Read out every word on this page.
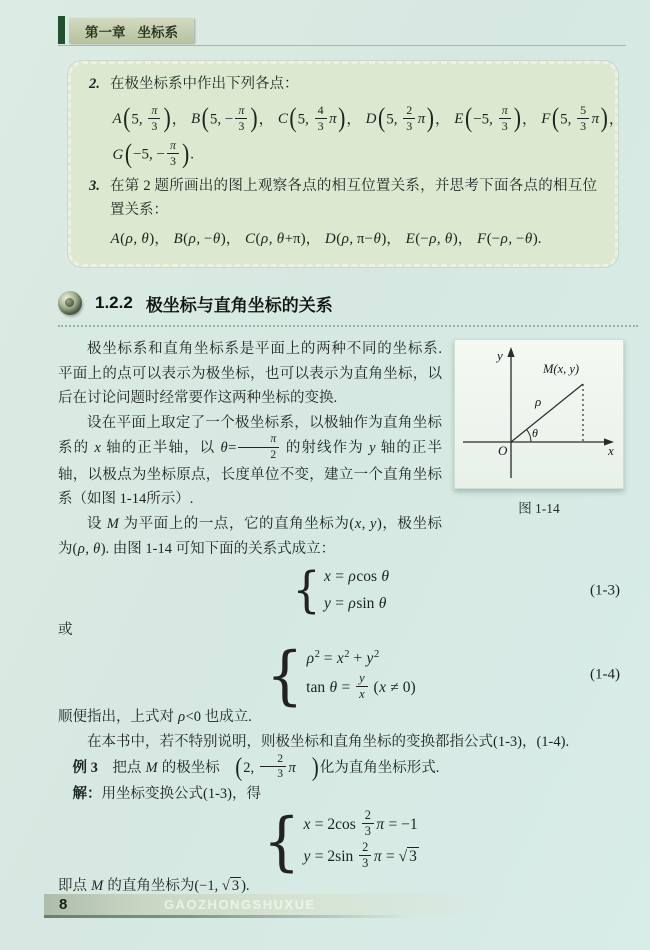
第一章 坐标系
2. 在极坐标系中作出下列各点：
A(5, $\frac{\pi}{3}$ )， B(5, − $\frac{\pi}{3}$ )， C(5, $\frac{4}{3} \pi$)， D(5, $\frac{2}{3} \pi$)， E(−5, $\frac{\pi}{3}$ )， F(5, $\frac{5}{3} \pi$)，
G(−5, − $\frac{\pi}{3}$ ).
3. 在第 2 题所画出的图上观察各点的相互位置关系，并思考下面各点的相互位置关系：
A(ρ, θ)， B(ρ, −θ)， C(ρ, θ+π)， D(ρ, π−θ)， E(−ρ, θ)， F(−ρ, −θ).
1.2.2 极坐标与直角坐标的关系
y
x
O
M(x, y)
ρ
θ
图 1-14
极坐标系和直角坐标系是平面上的两种不同的坐标系. 平面上的点可以表示为极坐标，也可以表示为直角坐标，以后在讨论问题时经常要作这两种坐标的变换.
设在平面上取定了一个极坐标系，以极轴作为直角坐标系的 x 轴的正半轴，以 $\theta= \frac{\pi}{2}$ 的射线作为 y 轴的正半轴，以极点为坐标原点，长度单位不变，建立一个直角坐标系（如图 1-14所示）.
设 M 为平面上的一点，它的直角坐标为(x, y)，极坐标为(ρ, θ). 由图 1-14 可知下面的关系式成立：
{ x = ρcos θ
y = ρsin θ
(1-3)
或
{ $\rho^2 = x^2 + y^2$
$\tan \theta = \frac{y}{x} (x \ne 0)$
(1-4)
顺便指出，上式对 ρ<0 也成立.
在本书中，若不特别说明，则极坐标和直角坐标的变换都指公式(1-3)，(1-4).
例 3　把点 M 的极坐标 (2, $\frac{2}{3}$ π )化为直角坐标形式.
解：用坐标变换公式(1-3)，得
{ $x = 2\cos \frac{2}{3}$ π = −1
$y = 2\sin \frac{2}{3}$ π = √ 3
即点 M 的直角坐标为(−1, √ 3 ).
8	GAOZHONGSHUXUE
